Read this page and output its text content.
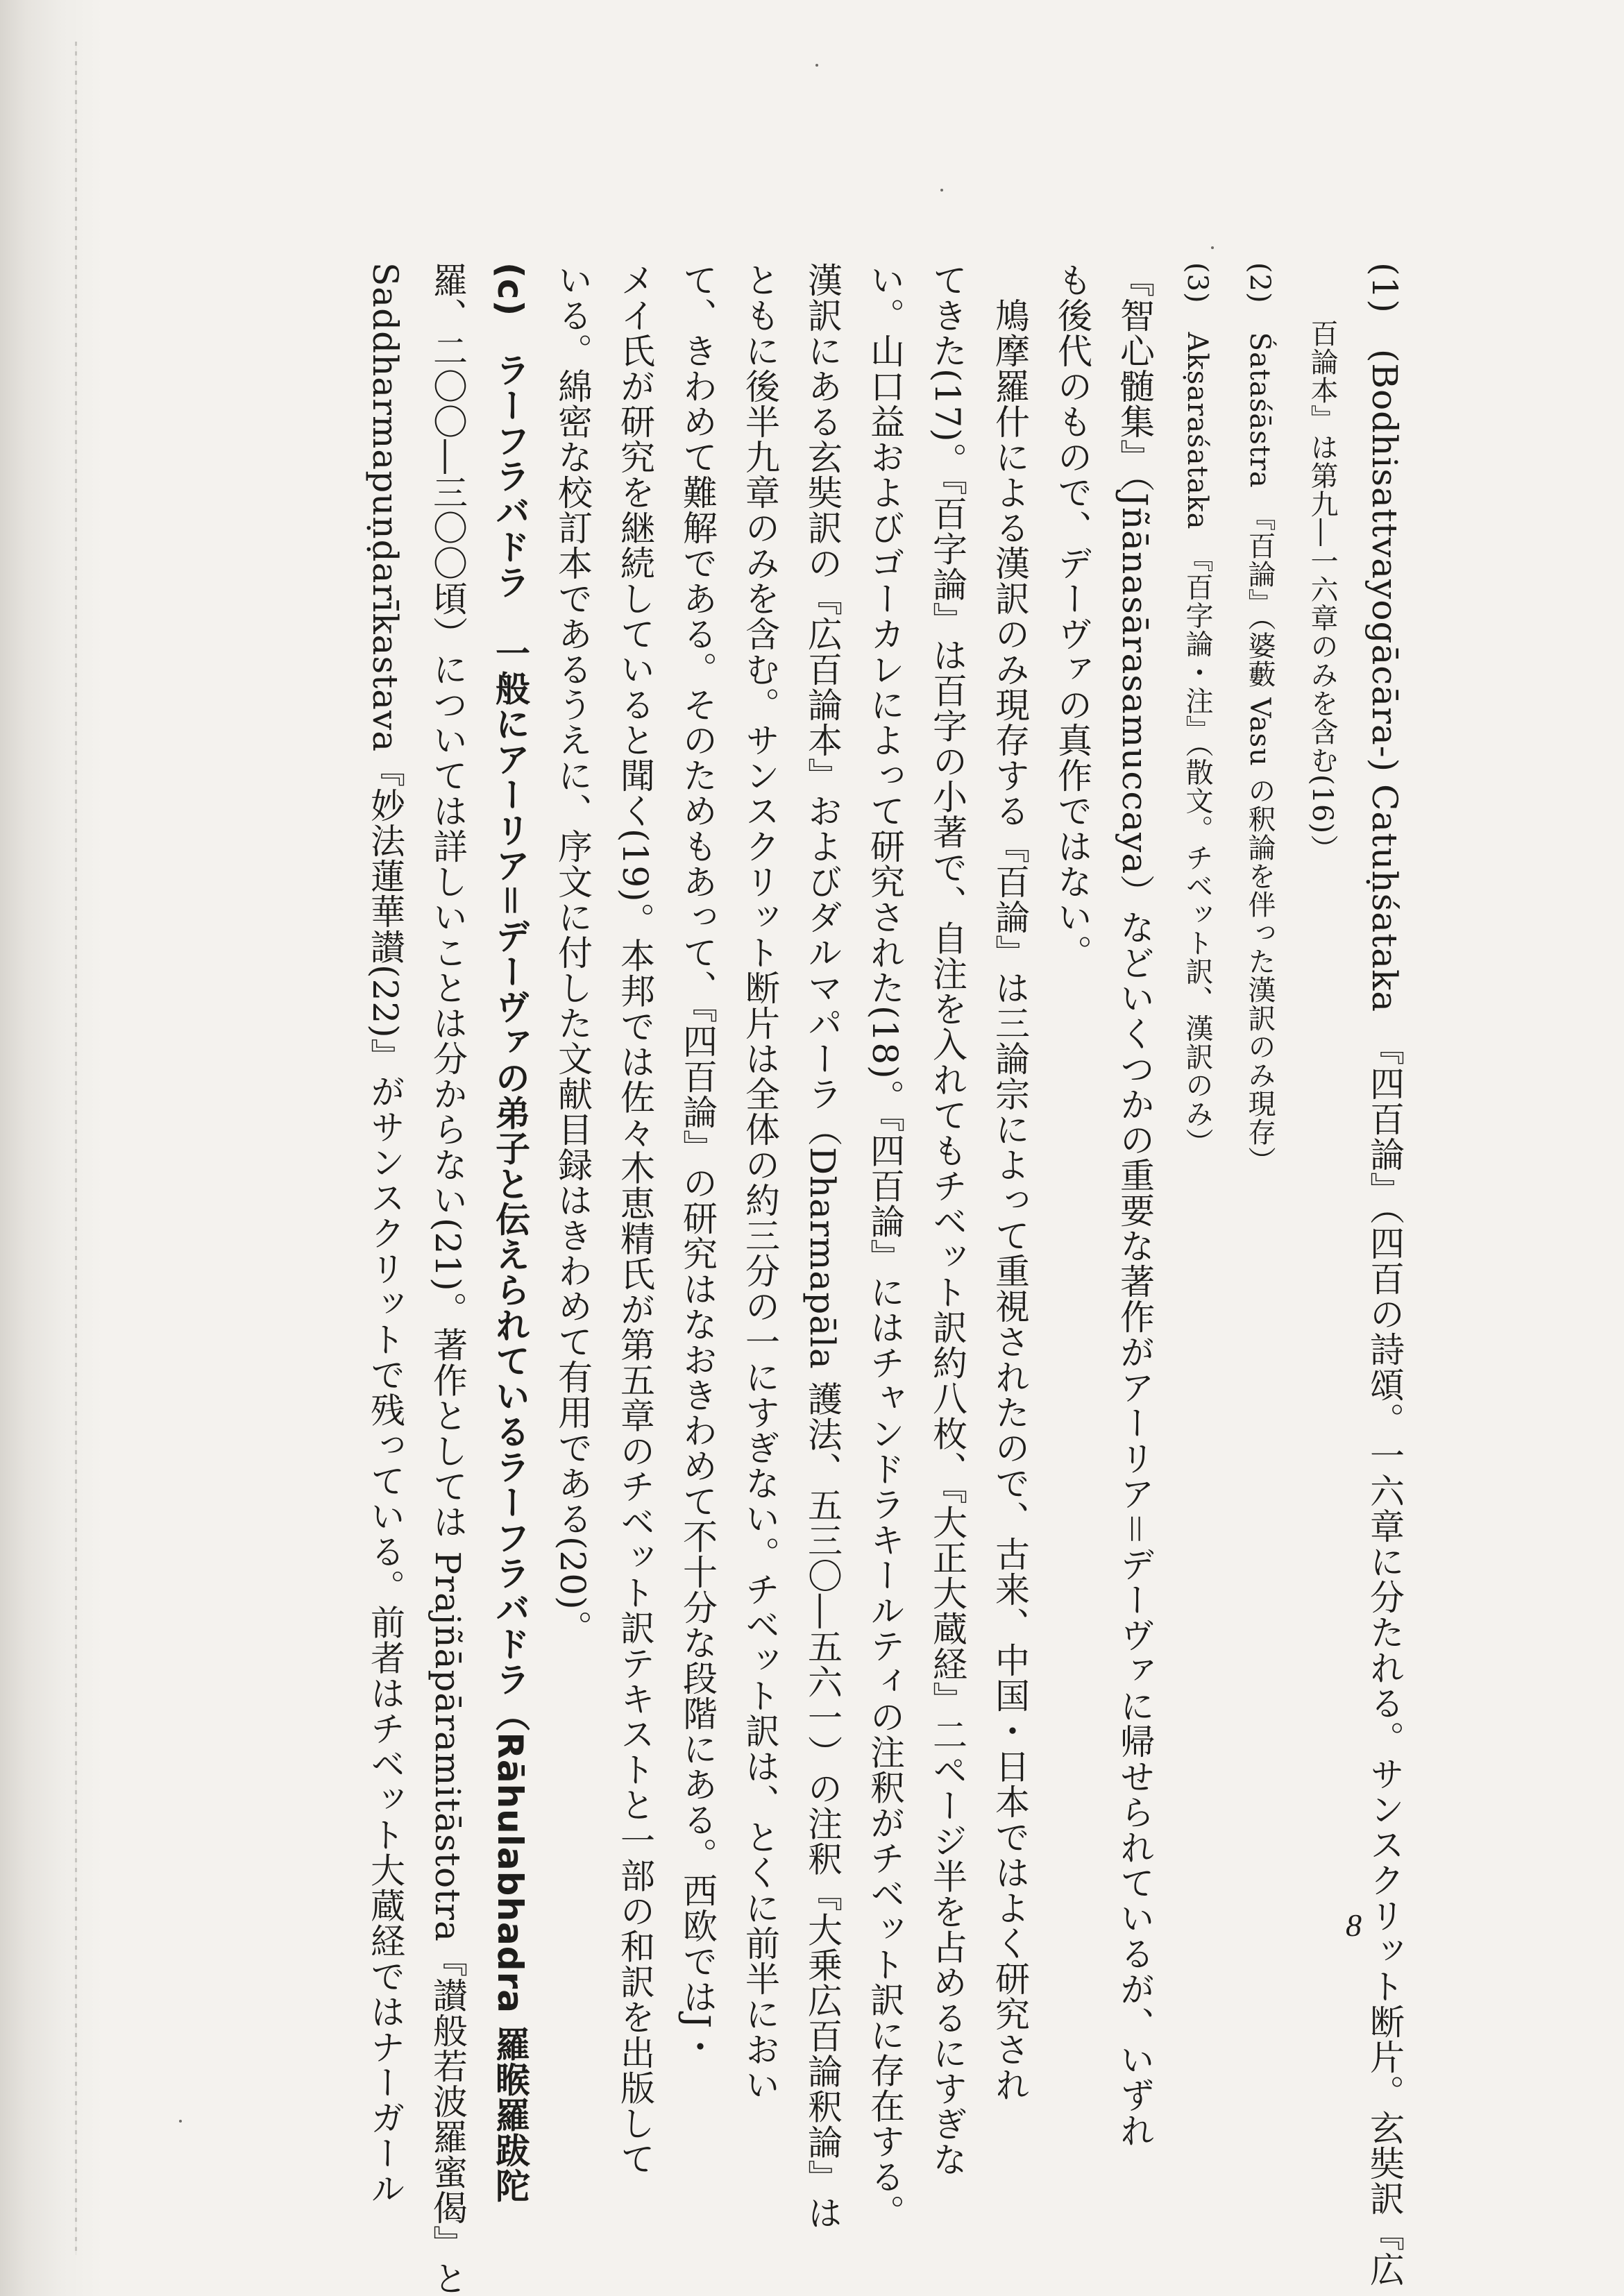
(1)　(Bodhisattvayogācāra-) Catuḥśataka　『四百論』（四百の詩頌。一六章に分たれる。サンスクリット断片。玄奘訳『広

　　百論本』は第九―一六章のみを含む(16)）

(2)　Śataśāstra　『百論』（婆藪 Vasu の釈論を伴った漢訳のみ現存）

(3)　Akṣaraśataka　『百字論・注』（散文。チベット訳、漢訳のみ）

『智心髄集』（Jñānasārasamuccaya）などいくつかの重要な著作がアーリア＝デーヴァに帰せられているが、いずれ

も後代のもので、デーヴァの真作ではない。

　鳩摩羅什による漢訳のみ現存する『百論』は三論宗によって重視されたので、古来、中国・日本ではよく研究され

てきた(17)。『百字論』は百字の小著で、自注を入れてもチベット訳約八枚、『大正大蔵経』二ページ半を占めるにすぎな

い。山口益およびゴーカレによって研究された(18)。『四百論』にはチャンドラキールティの注釈がチベット訳に存在する。

漢訳にある玄奘訳の『広百論本』およびダルマパーラ（Dharmapāla 護法、五三〇―五六一）の注釈『大乗広百論釈論』は

ともに後半九章のみを含む。サンスクリット断片は全体の約三分の一にすぎない。チベット訳は、とくに前半におい

て、きわめて難解である。そのためもあって、『四百論』の研究はなおきわめて不十分な段階にある。西欧ではJ・

メイ氏が研究を継続していると聞く(19)。本邦では佐々木恵精氏が第五章のチベット訳テキストと一部の和訳を出版して

いる。綿密な校訂本であるうえに、序文に付した文献目録はきわめて有用である(20)。

(c)　ラーフラバドラ　一般にアーリア＝デーヴァの弟子と伝えられているラーフラバドラ（Rāhulabhadra 羅睺羅跋陀

羅、二〇〇―三〇〇頃）については詳しいことは分からない(21)。著作としては Prajñāpāramitāstotra『讃般若波羅蜜偈』と

Saddharmapuṇḍarīkastava『妙法蓮華讃(22)』がサンスクリットで残っている。前者はチベット大蔵経ではナーガール	8
